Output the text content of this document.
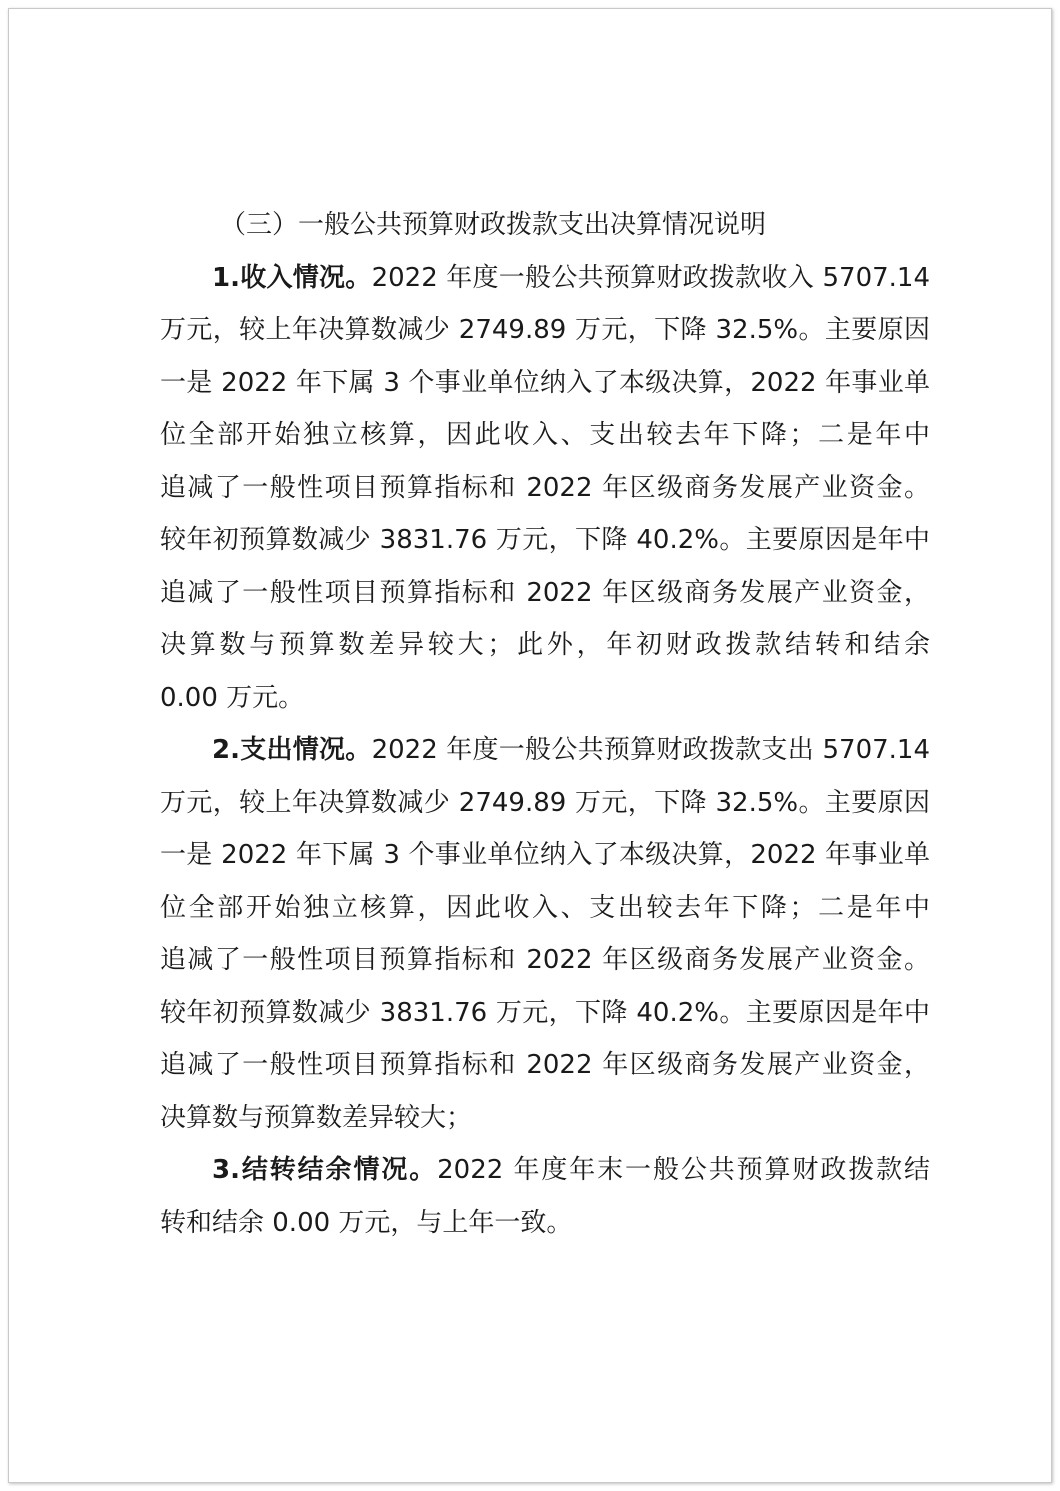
（三）一般公共预算财政拨款支出决算情况说明
1.收入情况。2022 年度一般公共预算财政拨款收入 5707.14
万元，较上年决算数减少 2749.89 万元，下降 32.5%。主要原因
一是 2022 年下属 3 个事业单位纳入了本级决算，2022 年事业单
位全部开始独立核算，因此收入、支出较去年下降；二是年中
追减了一般性项目预算指标和 2022 年区级商务发展产业资金。
较年初预算数减少 3831.76 万元，下降 40.2%。主要原因是年中
追减了一般性项目预算指标和 2022 年区级商务发展产业资金，
决算数与预算数差异较大；此外，年初财政拨款结转和结余
0.00 万元。
2.支出情况。2022 年度一般公共预算财政拨款支出 5707.14
万元，较上年决算数减少 2749.89 万元，下降 32.5%。主要原因
一是 2022 年下属 3 个事业单位纳入了本级决算，2022 年事业单
位全部开始独立核算，因此收入、支出较去年下降；二是年中
追减了一般性项目预算指标和 2022 年区级商务发展产业资金。
较年初预算数减少 3831.76 万元，下降 40.2%。主要原因是年中
追减了一般性项目预算指标和 2022 年区级商务发展产业资金，
决算数与预算数差异较大；
3.结转结余情况。2022 年度年末一般公共预算财政拨款结
转和结余 0.00 万元，与上年一致。
